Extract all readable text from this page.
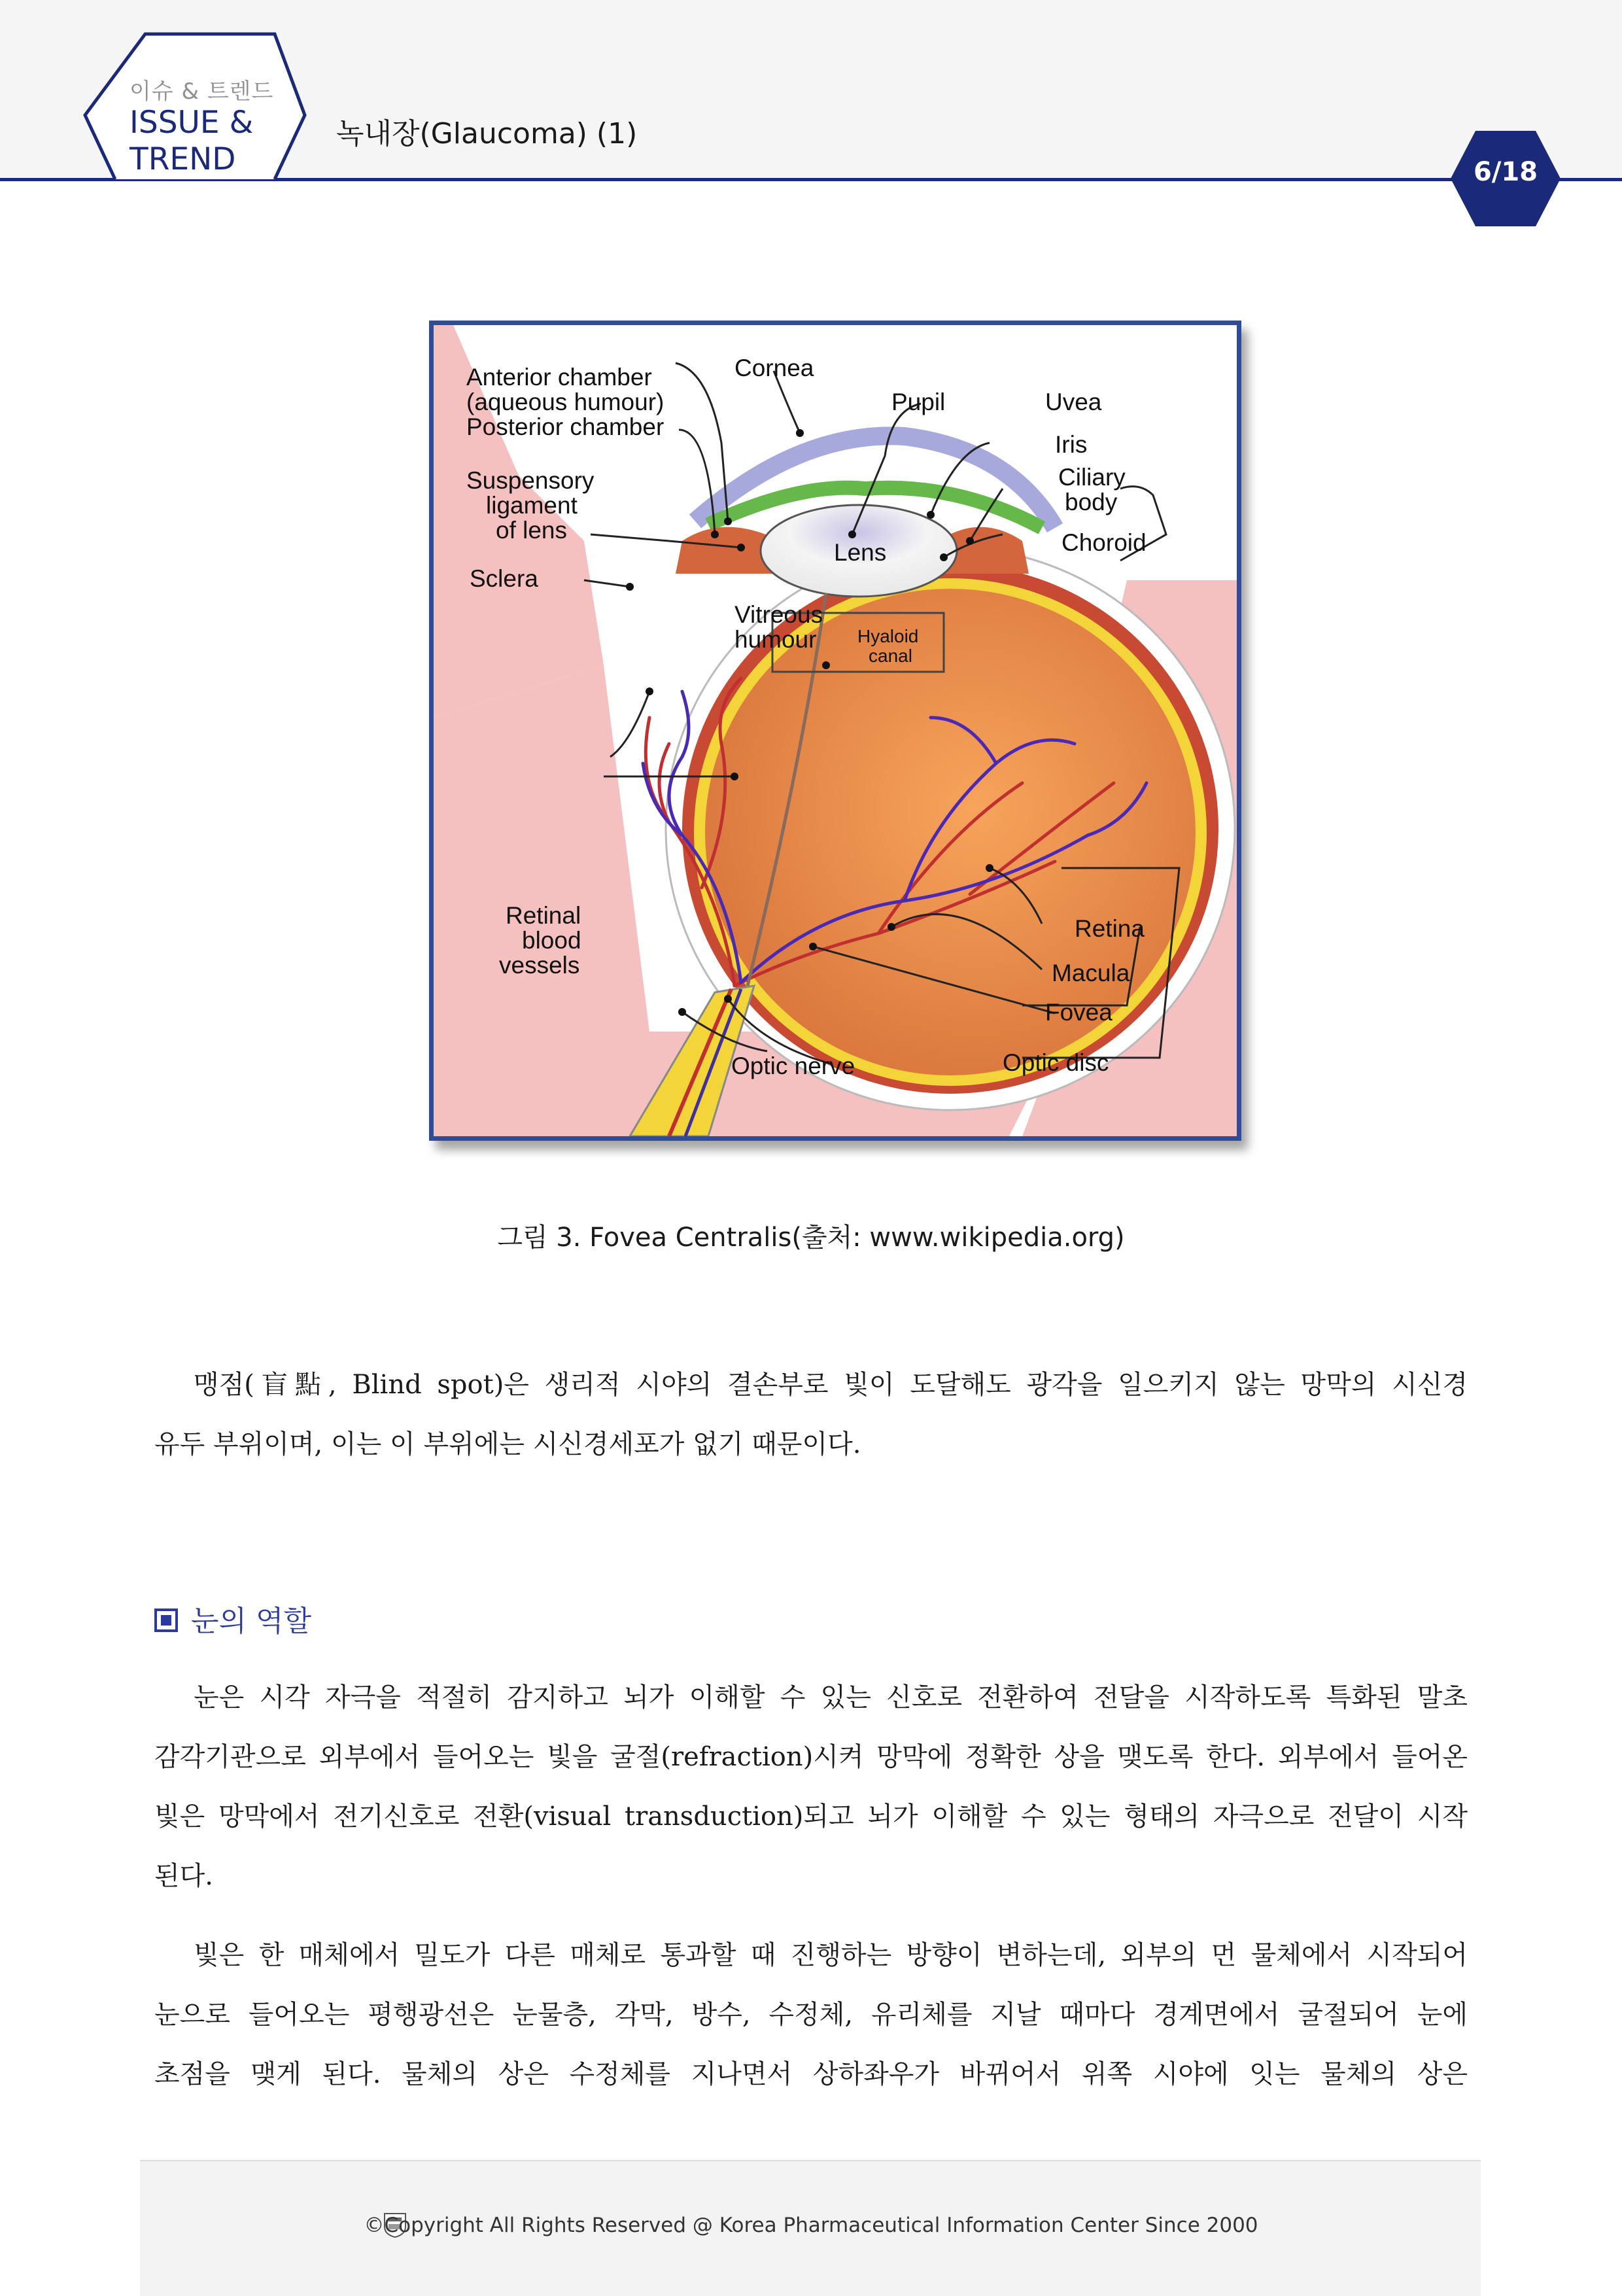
이슈 & 트렌드
ISSUE &
TREND
녹내장(Glaucoma) (1)
6/18
Anterior chamber
(aqueous humour)
Posterior chamber
Cornea
Pupil	Uvea
Iris
Ciliary
body
Choroid
Suspensory
ligament
of lens
Sclera
Lens
Vitreous
humour Hyaloid
canal
Retinal
blood
vessels
Retina
Macula
Fovea
Optic nerve	Optic disc
그림 3. Fovea Centralis(출처: www.wikipedia.org)
맹점(盲點, Blind spot)은 생리적 시야의 결손부로 빛이 도달해도 광각을 일으키지 않는 망막의 시신경
유두 부위이며, 이는 이 부위에는 시신경세포가 없기 때문이다.
눈의 역할
눈은 시각 자극을 적절히 감지하고 뇌가 이해할 수 있는 신호로 전환하여 전달을 시작하도록 특화된 말초
감각기관으로 외부에서 들어오는 빛을 굴절(refraction)시켜 망막에 정확한 상을 맺도록 한다. 외부에서 들어온
빛은 망막에서 전기신호로 전환(visual transduction)되고 뇌가 이해할 수 있는 형태의 자극으로 전달이 시작
된다.
빛은 한 매체에서 밀도가 다른 매체로 통과할 때 진행하는 방향이 변하는데, 외부의 먼 물체에서 시작되어
눈으로 들어오는 평행광선은 눈물층, 각막, 방수, 수정체, 유리체를 지날 때마다 경계면에서 굴절되어 눈에
초점을 맺게 된다. 물체의 상은 수정체를 지나면서 상하좌우가 바뀌어서 위쪽 시야에 잇는 물체의 상은
©Copyright All Rights Reserved @ Korea Pharmaceutical Information Center Since 2000
